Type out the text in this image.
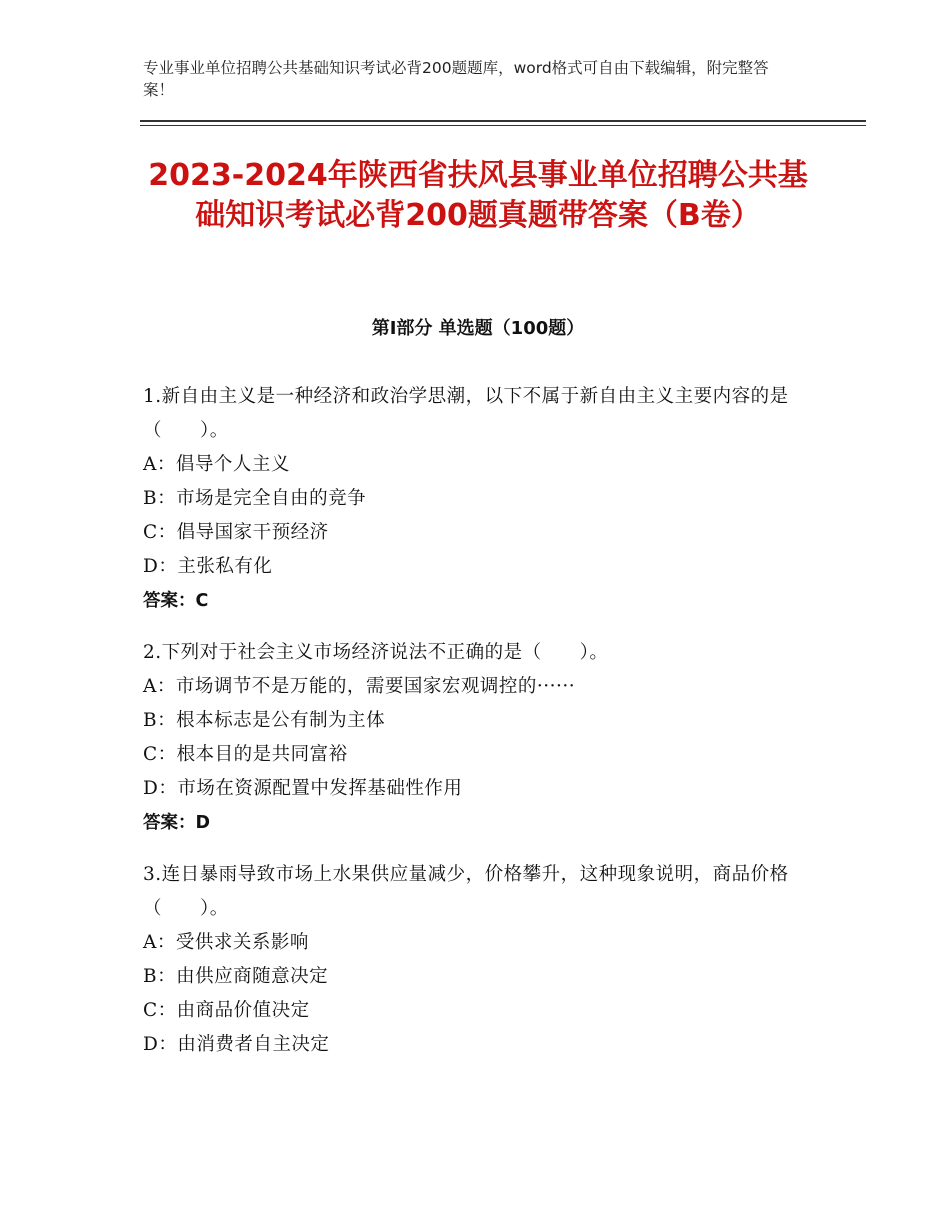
专业事业单位招聘公共基础知识考试必背200题题库，word格式可自由下载编辑，附完整答案！
2023-2024年陕西省扶风县事业单位招聘公共基础知识考试必背200题真题带答案（B卷）
第I部分 单选题（100题）
1.新自由主义是一种经济和政治学思潮，以下不属于新自由主义主要内容的是（　　）。
A：倡导个人主义
B：市场是完全自由的竞争
C：倡导国家干预经济
D：主张私有化
答案：C
2.下列对于社会主义市场经济说法不正确的是（　　）。
A：市场调节不是万能的，需要国家宏观调控的······
B：根本标志是公有制为主体
C：根本目的是共同富裕
D：市场在资源配置中发挥基础性作用
答案：D
3.连日暴雨导致市场上水果供应量减少，价格攀升，这种现象说明，商品价格（　　）。
A：受供求关系影响
B：由供应商随意决定
C：由商品价值决定
D：由消费者自主决定
